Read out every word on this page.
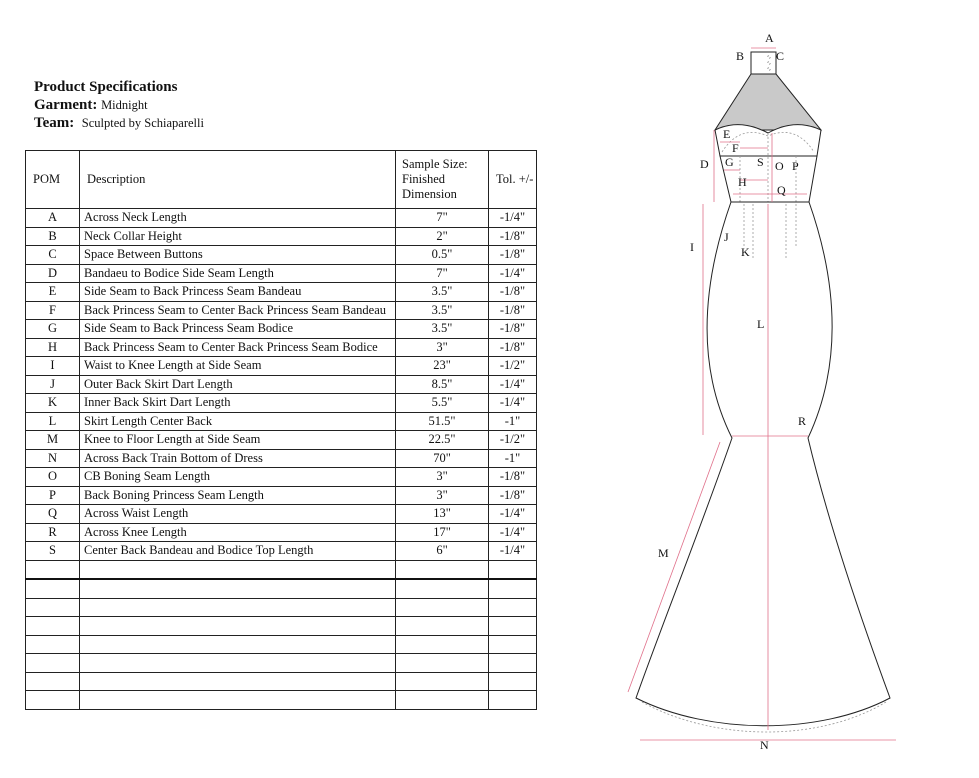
Product Specifications
Garment: Midnight
Team: Sculpted by Schiaparelli
POM	Description	Sample Size: Finished Dimension	Tol. +/-
A	Across Neck Length	7"	-1/4"
B	Neck Collar Height	2"	-1/8"
C	Space Between Buttons	0.5"	-1/8"
D	Bandaeu to Bodice Side Seam Length	7"	-1/4"
E	Side Seam to Back Princess Seam Bandeau	3.5"	-1/8"
F	Back Princess Seam to Center Back Princess Seam Bandeau	3.5"	-1/8"
G	Side Seam to Back Princess Seam Bodice	3.5"	-1/8"
H	Back Princess Seam to Center Back Princess Seam Bodice	3"	-1/8"
I	Waist to Knee Length at Side Seam	23"	-1/2"
J	Outer Back Skirt Dart Length	8.5"	-1/4"
K	Inner Back Skirt Dart Length	5.5"	-1/4"
L	Skirt Length Center Back	51.5"	-1"
M	Knee to Floor Length at Side Seam	22.5"	-1/2"
N	Across Back Train Bottom of Dress	70"	-1"
O	CB Boning Seam Length	3"	-1/8"
P	Back Boning Princess Seam Length	3"	-1/8"
Q	Across Waist Length	13"	-1/4"
R	Across Knee Length	17"	-1/4"
S	Center Back Bandeau and Bodice Top Length	6"	-1/4"

A
B	C
D
E
F
G S O P
H
Q
I
J
K
L
R
M
N
